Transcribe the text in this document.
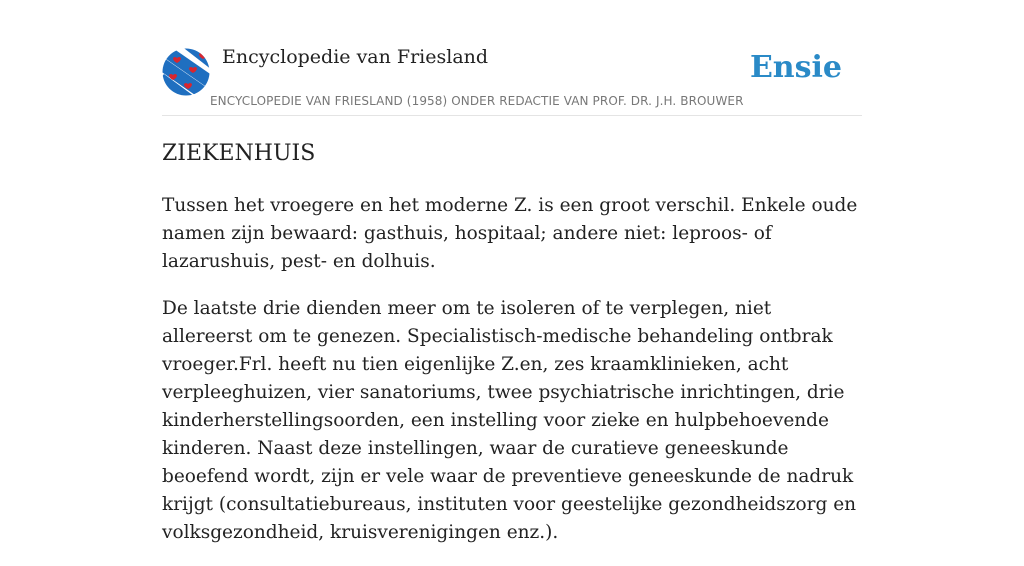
Encyclopedie van Friesland	Ensie
ENCYCLOPEDIE VAN FRIESLAND (1958) ONDER REDACTIE VAN PROF. DR. J.H. BROUWER
ZIEKENHUIS

Tussen het vroegere en het moderne Z. is een groot verschil. Enkele oude namen zijn bewaard: gasthuis, hospitaal; andere niet: leproos- of lazarushuis, pest- en dolhuis.

De laatste drie dienden meer om te isoleren of te verplegen, niet allereerst om te genezen. Specialistisch-medische behandeling ontbrak vroeger.Frl. heeft nu tien eigenlijke Z.en, zes kraamklinieken, acht verpleeghuizen, vier sanatoriums, twee psychiatrische inrichtingen, drie kinderherstellingsoorden, een instelling voor zieke en hulpbehoevende kinderen. Naast deze instellingen, waar de curatieve geneeskunde beoefend wordt, zijn er vele waar de preventieve geneeskunde de nadruk krijgt (consultatiebureaus, instituten voor geestelijke gezondheidszorg en volksgezondheid, kruisverenigingen enz.).
